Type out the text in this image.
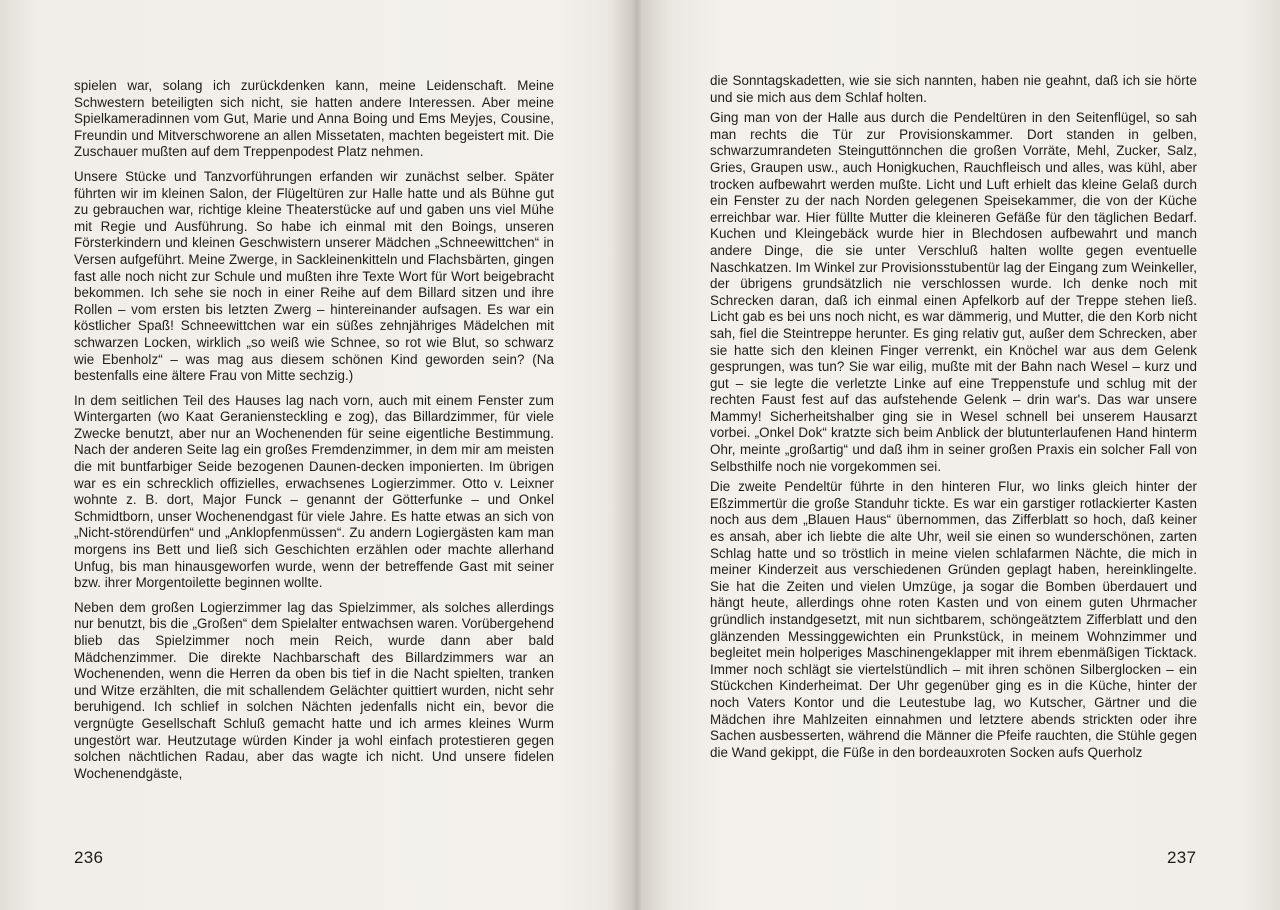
spielen war, solang ich zurückdenken kann, meine Leidenschaft. Meine Schwestern beteiligten sich nicht, sie hatten andere Interessen. Aber meine Spielkameradinnen vom Gut, Marie und Anna Boing und Ems Meyjes, Cousine, Freundin und Mitverschworene an allen Missetaten, machten begeistert mit. Die Zuschauer mußten auf dem Treppenpodest Platz nehmen.

Unsere Stücke und Tanzvorführungen erfanden wir zunächst selber. Später führten wir im kleinen Salon, der Flügeltüren zur Halle hatte und als Bühne gut zu gebrauchen war, richtige kleine Theaterstücke auf und gaben uns viel Mühe mit Regie und Ausführung. So habe ich einmal mit den Boings, unseren Försterkindern und kleinen Geschwistern unserer Mädchen „Schneewittchen“ in Versen aufgeführt. Meine Zwerge, in Sackleinenkitteln und Flachsbärten, gingen fast alle noch nicht zur Schule und mußten ihre Texte Wort für Wort beigebracht bekommen. Ich sehe sie noch in einer Reihe auf dem Billard sitzen und ihre Rollen – vom ersten bis letzten Zwerg – hintereinander aufsagen. Es war ein köstlicher Spaß! Schneewittchen war ein süßes zehnjähriges Mädelchen mit schwarzen Locken, wirklich „so weiß wie Schnee, so rot wie Blut, so schwarz wie Ebenholz“ – was mag aus diesem schönen Kind geworden sein? (Na bestenfalls eine ältere Frau von Mitte sechzig.)

In dem seitlichen Teil des Hauses lag nach vorn, auch mit einem Fenster zum Wintergarten (wo Kaat Geraniensteckling e zog), das Billardzimmer, für viele Zwecke benutzt, aber nur an Wochenenden für seine eigentliche Bestimmung. Nach der anderen Seite lag ein großes Fremdenzimmer, in dem mir am meisten die mit buntfarbiger Seide bezogenen Daunen-decken imponierten. Im übrigen war es ein schrecklich offizielles, erwachsenes Logierzimmer. Otto v. Leixner wohnte z. B. dort, Major Funck – genannt der Götterfunke – und Onkel Schmidtborn, unser Wochenendgast für viele Jahre. Es hatte etwas an sich von „Nicht-störendürfen“ und „Anklopfenmüssen“. Zu andern Logiergästen kam man morgens ins Bett und ließ sich Geschichten erzählen oder machte allerhand Unfug, bis man hinausgeworfen wurde, wenn der betreffende Gast mit seiner bzw. ihrer Morgentoilette beginnen wollte.

Neben dem großen Logierzimmer lag das Spielzimmer, als solches allerdings nur benutzt, bis die „Großen“ dem Spielalter entwachsen waren. Vorübergehend blieb das Spielzimmer noch mein Reich, wurde dann aber bald Mädchenzimmer. Die direkte Nachbarschaft des Billardzimmers war an Wochenenden, wenn die Herren da oben bis tief in die Nacht spielten, tranken und Witze erzählten, die mit schallendem Gelächter quittiert wurden, nicht sehr beruhigend. Ich schlief in solchen Nächten jedenfalls nicht ein, bevor die vergnügte Gesellschaft Schluß gemacht hatte und ich armes kleines Wurm ungestört war. Heutzutage würden Kinder ja wohl einfach protestieren gegen solchen nächtlichen Radau, aber das wagte ich nicht. Und unsere fidelen Wochenendgäste,

236

die Sonntagskadetten, wie sie sich nannten, haben nie geahnt, daß ich sie hörte und sie mich aus dem Schlaf holten.

Ging man von der Halle aus durch die Pendeltüren in den Seitenflügel, so sah man rechts die Tür zur Provisionskammer. Dort standen in gelben, schwarzumrandeten Steinguttönnchen die großen Vorräte, Mehl, Zucker, Salz, Gries, Graupen usw., auch Honigkuchen, Rauchfleisch und alles, was kühl, aber trocken aufbewahrt werden mußte. Licht und Luft erhielt das kleine Gelaß durch ein Fenster zu der nach Norden gelegenen Speisekammer, die von der Küche erreichbar war. Hier füllte Mutter die kleineren Gefäße für den täglichen Bedarf. Kuchen und Kleingebäck wurde hier in Blechdosen aufbewahrt und manch andere Dinge, die sie unter Verschluß halten wollte gegen eventuelle Naschkatzen. Im Winkel zur Provisionsstubentür lag der Eingang zum Weinkeller, der übrigens grundsätzlich nie verschlossen wurde. Ich denke noch mit Schrecken daran, daß ich einmal einen Apfelkorb auf der Treppe stehen ließ. Licht gab es bei uns noch nicht, es war dämmerig, und Mutter, die den Korb nicht sah, fiel die Steintreppe herunter. Es ging relativ gut, außer dem Schrecken, aber sie hatte sich den kleinen Finger verrenkt, ein Knöchel war aus dem Gelenk gesprungen, was tun? Sie war eilig, mußte mit der Bahn nach Wesel – kurz und gut – sie legte die verletzte Linke auf eine Treppenstufe und schlug mit der rechten Faust fest auf das aufstehende Gelenk – drin war's. Das war unsere Mammy! Sicherheitshalber ging sie in Wesel schnell bei unserem Hausarzt vorbei. „Onkel Dok“ kratzte sich beim Anblick der blutunterlaufenen Hand hinterm Ohr, meinte „großartig“ und daß ihm in seiner großen Praxis ein solcher Fall von Selbsthilfe noch nie vorgekommen sei.

Die zweite Pendeltür führte in den hinteren Flur, wo links gleich hinter der Eßzimmertür die große Standuhr tickte. Es war ein garstiger rotlackierter Kasten noch aus dem „Blauen Haus“ übernommen, das Zifferblatt so hoch, daß keiner es ansah, aber ich liebte die alte Uhr, weil sie einen so wunderschönen, zarten Schlag hatte und so tröstlich in meine vielen schlafarmen Nächte, die mich in meiner Kinderzeit aus verschiedenen Gründen geplagt haben, hereinklingelte. Sie hat die Zeiten und vielen Umzüge, ja sogar die Bomben überdauert und hängt heute, allerdings ohne roten Kasten und von einem guten Uhrmacher gründlich instandgesetzt, mit nun sichtbarem, schöngeätztem Zifferblatt und den glänzenden Messinggewichten ein Prunkstück, in meinem Wohnzimmer und begleitet mein holperiges Maschinengeklapper mit ihrem ebenmäßigen Ticktack. Immer noch schlägt sie viertelstündlich – mit ihren schönen Silberglocken – ein Stückchen Kinderheimat. Der Uhr gegenüber ging es in die Küche, hinter der noch Vaters Kontor und die Leutestube lag, wo Kutscher, Gärtner und die Mädchen ihre Mahlzeiten einnahmen und letztere abends strickten oder ihre Sachen ausbesserten, während die Männer die Pfeife rauchten, die Stühle gegen die Wand gekippt, die Füße in den bordeauxroten Socken aufs Querholz

237
